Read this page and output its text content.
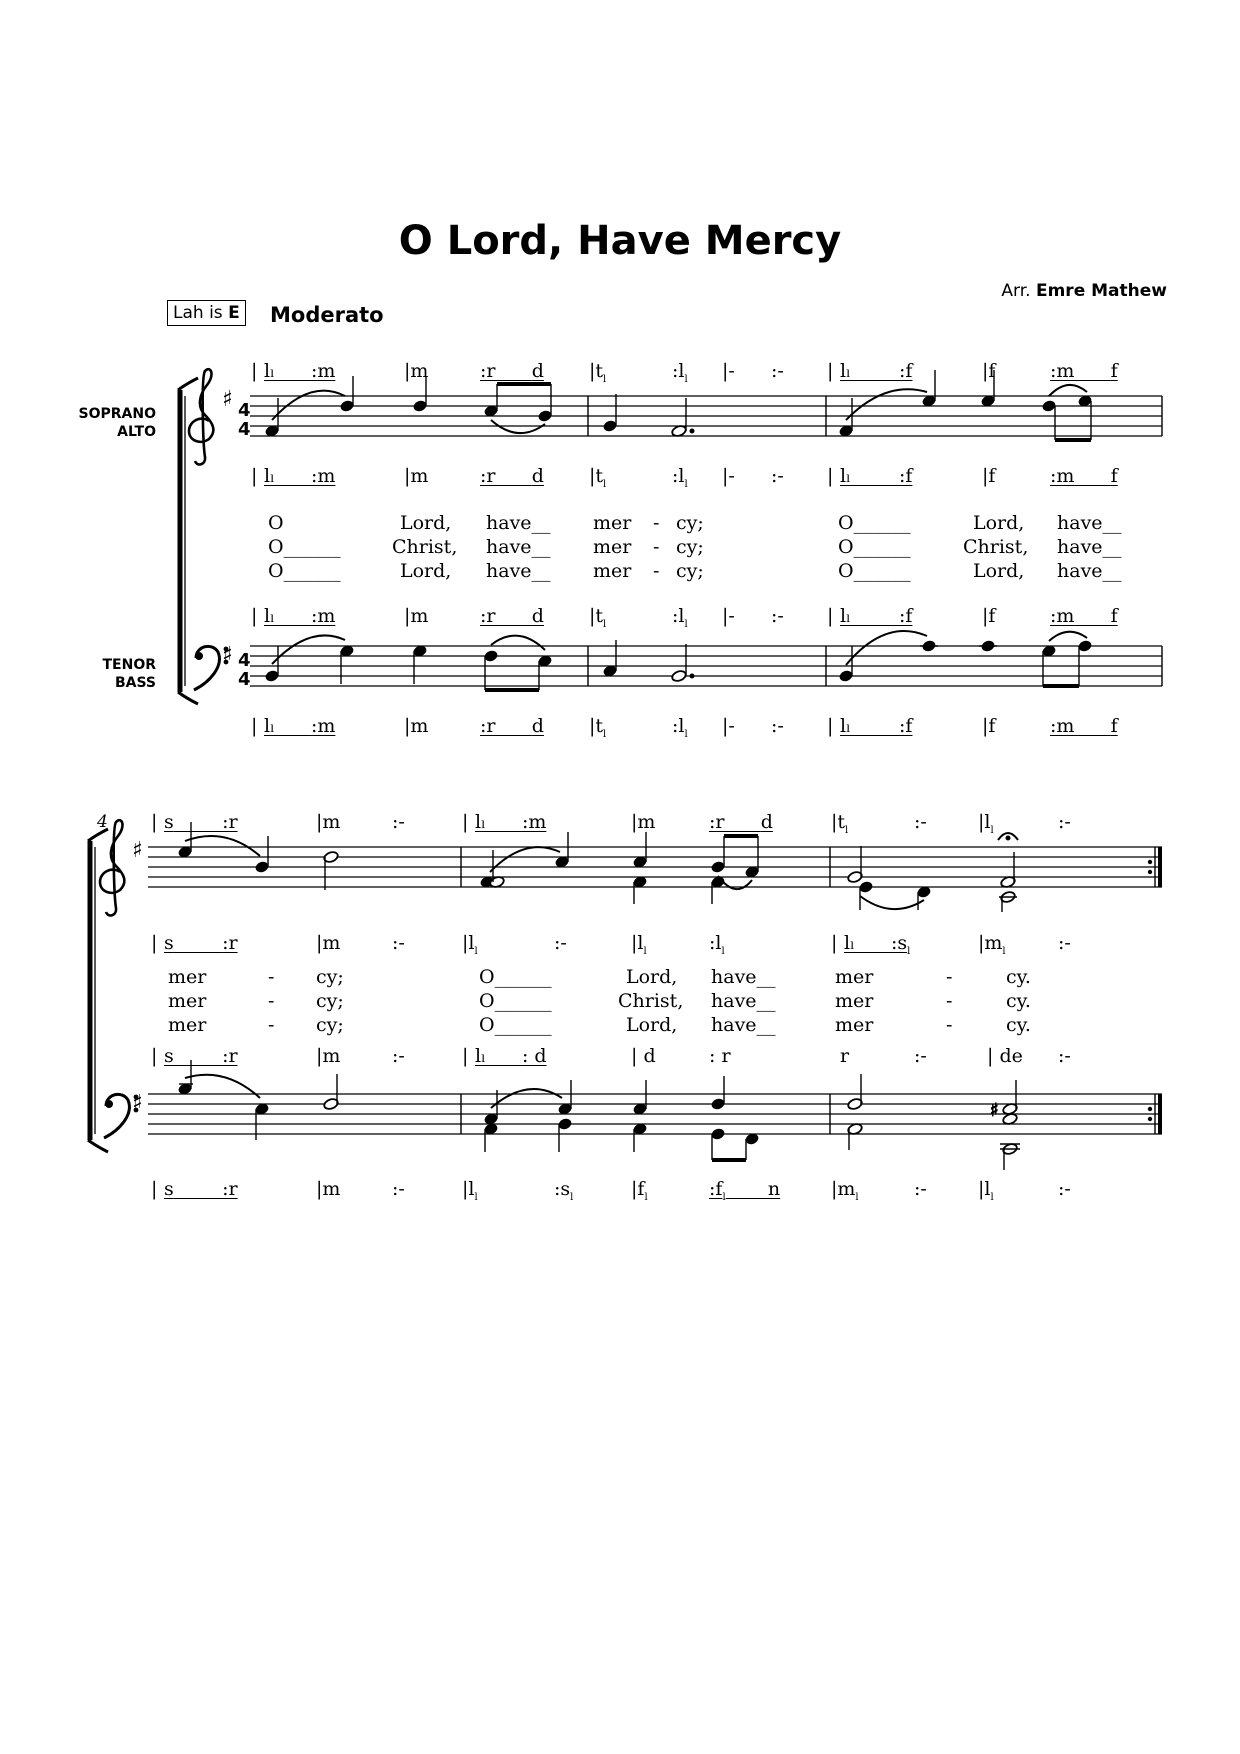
O Lord, Have Mercy
Arr. Emre Mathew
Lah is E Moderato
SOPRANO
ALTO
TENOR
BASS
4
| lₗ      :m	|m	:r d $|t_l$	$:l_l$ |- :- | lₗ        :f	|f	:m f
| lₗ      :m	|m	:r d $|t_l$	$:l_l$ |- :- | lₗ        :f	|f	:m f
| lₗ      :m	|m	:r d $|t_l$	$:l_l$ |- :- | lₗ        :f	|f	:m f
| lₗ      :m	|m	:r d $|t_l$	$:l_l$ |- :- | lₗ        :f	|f	:m f
O	Lord, have__ mer - cy;	O______	Lord, have__
O______	Christ, have__ mer - cy;	O______	Christ, have__
O______	Lord, have__ mer - cy;	O______	Lord, have__
| s	:r	|m	:-	| lₗ      :m	|m	:r d	$|t_l$	:-	$|l_l$	:-
| s	:r	|m	:-	$|l_l$	:-	$|l_l$	$:l_l$	| lₗ      $:s_l$	$|m_l$	:-
| s	:r	|m	:-	| lₗ      : d	| d	: r	r	:-	| de :-
| s	:r	|m	:-	$|l_l$	$:s_l$	$|f_l$	$:f_l$ n	$|m_l$	:-	$|l_l$	:-
mer	- cy;	O______	Lord, have__	mer	-	cy.
mer	- cy;	O______	Christ, have__	mer	-	cy.
mer	- cy;	O______	Lord, have__	mer	-	cy.
♯ 4
4
♯ 4
4
♯
♯	♯
